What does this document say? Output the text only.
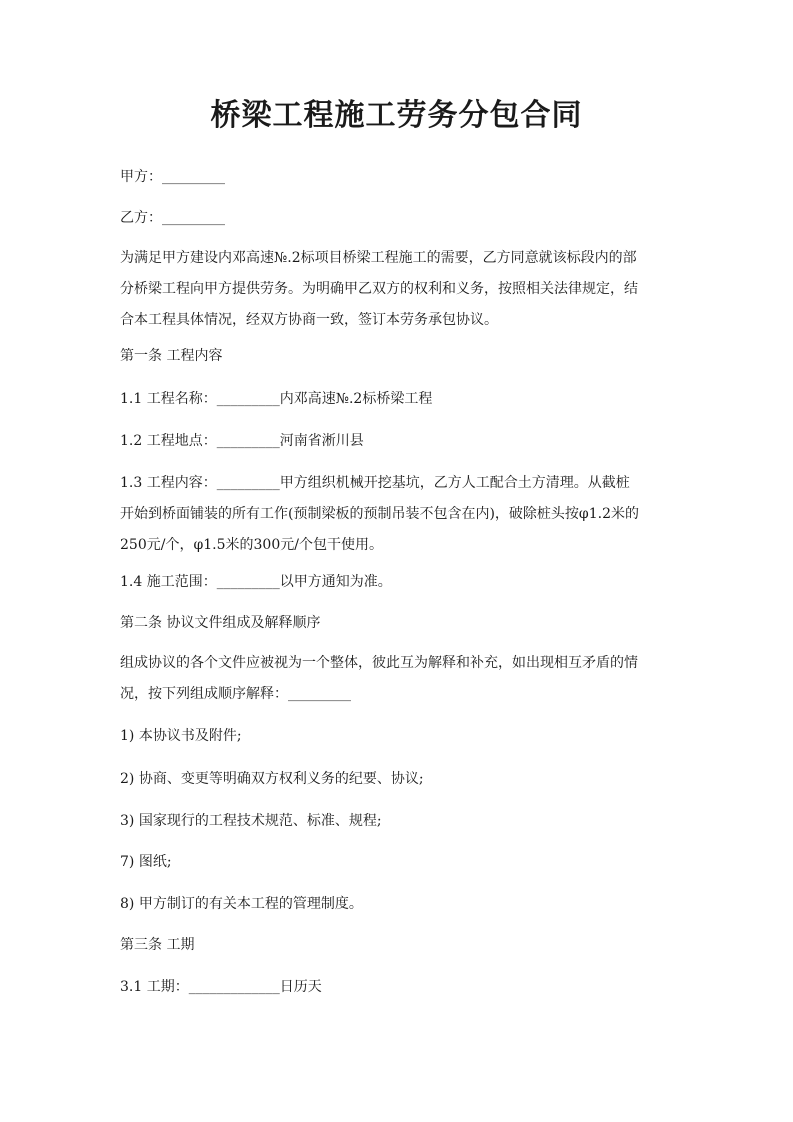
桥梁工程施工劳务分包合同

甲方：_________

乙方：_________

为满足甲方建设内邓高速№.2标项目桥梁工程施工的需要，乙方同意就该标段内的部
分桥梁工程向甲方提供劳务。为明确甲乙双方的权利和义务，按照相关法律规定，结
合本工程具体情况，经双方协商一致，签订本劳务承包协议。

第一条 工程内容

1.1 工程名称：_________内邓高速№.2标桥梁工程

1.2 工程地点：_________河南省淅川县

1.3 工程内容：_________甲方组织机械开挖基坑，乙方人工配合土方清理。从截桩
开始到桥面铺装的所有工作(预制梁板的预制吊装不包含在内)，破除桩头按φ1.2米的
250元/个，φ1.5米的300元/个包干使用。

1.4 施工范围：_________以甲方通知为准。

第二条 协议文件组成及解释顺序

组成协议的各个文件应被视为一个整体，彼此互为解释和补充，如出现相互矛盾的情
况，按下列组成顺序解释：_________

1) 本协议书及附件;

2) 协商、变更等明确双方权利义务的纪要、协议;

3) 国家现行的工程技术规范、标准、规程;

7) 图纸;

8) 甲方制订的有关本工程的管理制度。

第三条 工期

3.1 工期：_____________日历天
